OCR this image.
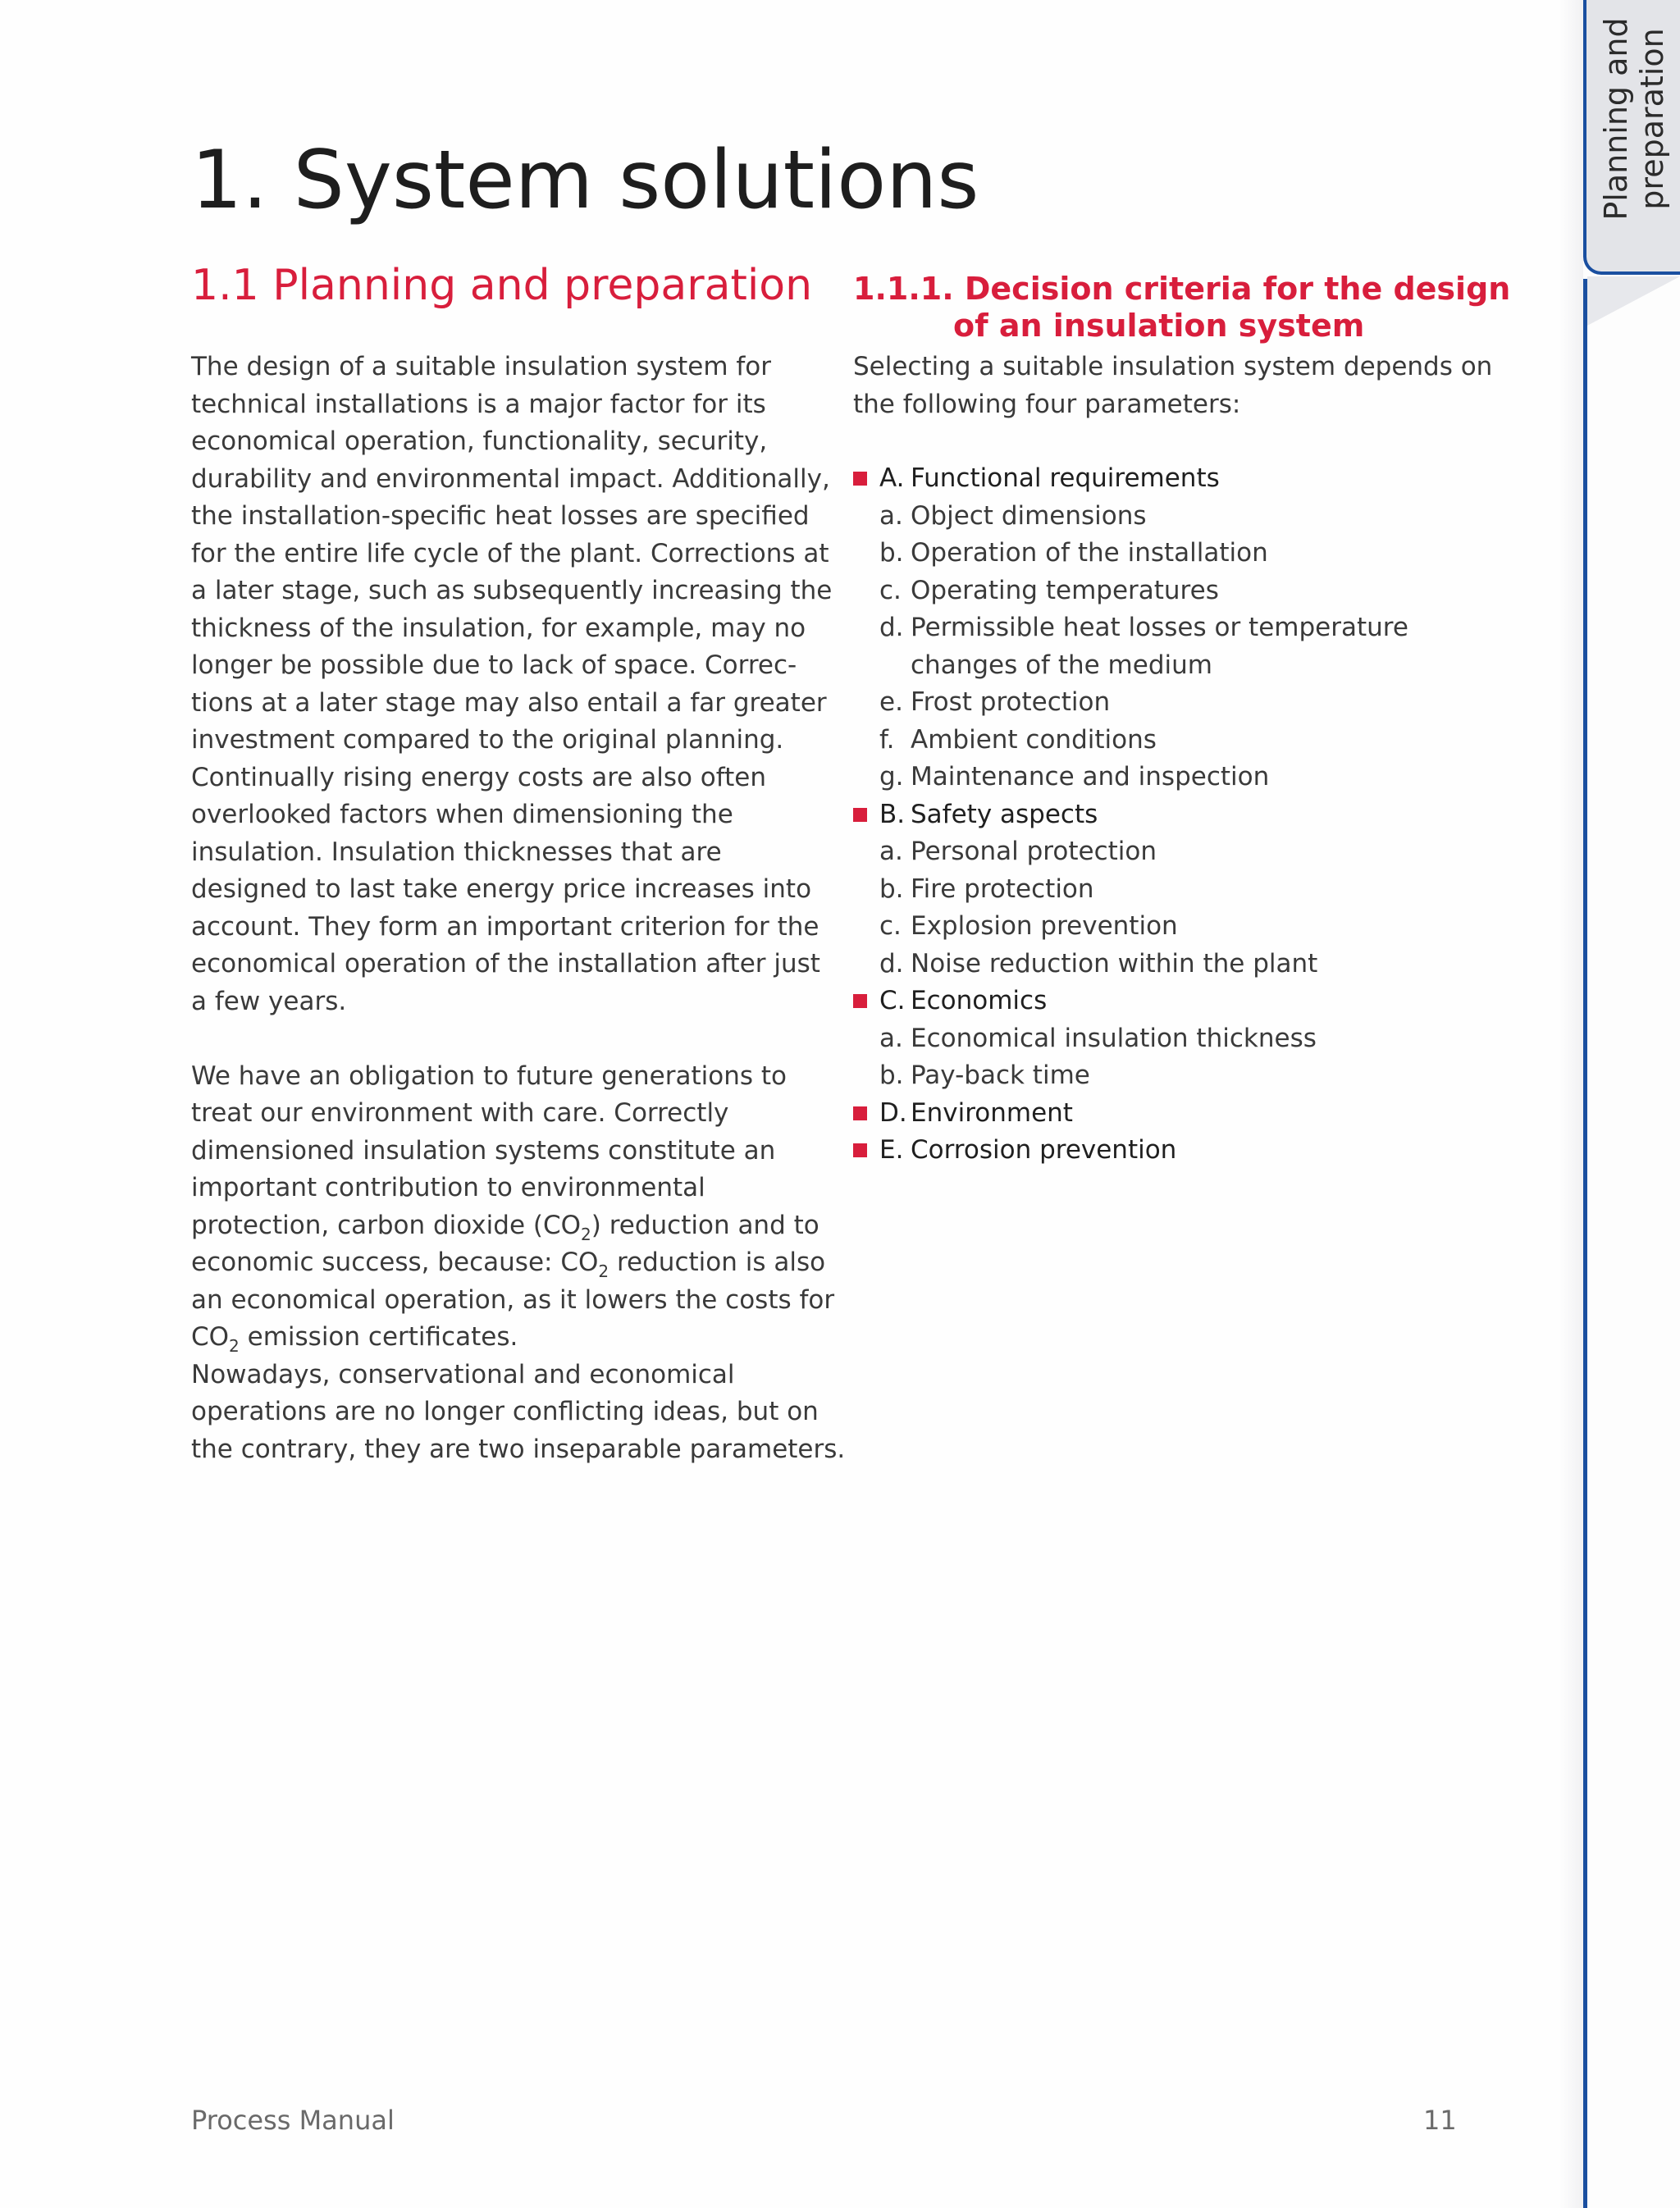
Planning and preparation
1. System solutions
1.1 Planning and preparation

The design of a suitable insulation system for

technical installations is a major factor for its

economical operation, functionality, security,

durability and environmental impact. Additionally,

the installation-specific heat losses are specified

for the entire life cycle of the plant. Corrections at

a later stage, such as subsequently increasing the

thickness of the insulation, for example, may no

longer be possible due to lack of space. Correc-

tions at a later stage may also entail a far greater

investment compared to the original planning.

Continually rising energy costs are also often

overlooked factors when dimensioning the

insulation. Insulation thicknesses that are

designed to last take energy price increases into

account. They form an important criterion for the

economical operation of the installation after just

a few years.

We have an obligation to future generations to

treat our environment with care. Correctly

dimensioned insulation systems constitute an

important contribution to environmental

protection, carbon dioxide $(CO_2)$ reduction and to

economic success, because: $CO_2$ reduction is also

an economical operation, as it lowers the costs for

$CO_2$ emission certificates.

Nowadays, conservational and economical

operations are no longer conflicting ideas, but on

the contrary, they are two inseparable parameters.

1.1.1. Decision criteria for the design
of an insulation system

Selecting a suitable insulation system depends on

the following four parameters:

A. Functional requirements
a. Object dimensions
b. Operation of the installation
c. Operating temperatures
d. Permissible heat losses or temperature
changes of the medium
e. Frost protection
f. Ambient conditions
g. Maintenance and inspection
B. Safety aspects
a. Personal protection
b. Fire protection
c. Explosion prevention
d. Noise reduction within the plant
C. Economics
a. Economical insulation thickness
b. Pay-back time
D. Environment
E. Corrosion prevention
Process Manual	11
